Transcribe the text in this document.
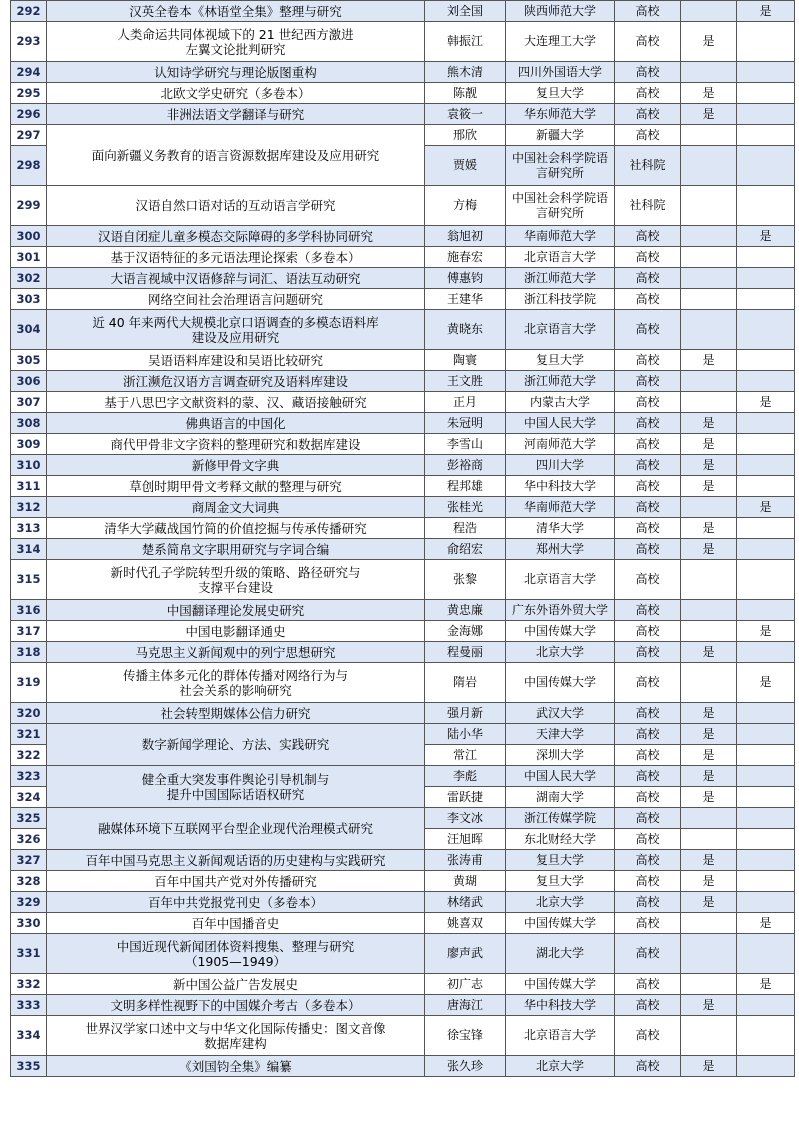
292	汉英全卷本《林语堂全集》整理与研究	刘全国	陕西师范大学	高校		是
293	人类命运共同体视域下的 21 世纪西方激进
左翼文论批判研究	韩振江	大连理工大学	高校	是	
294	认知诗学研究与理论版图重构	熊木清	四川外国语大学	高校		
295	北欧文学史研究（多卷本）	陈靓	复旦大学	高校	是	
296	非洲法语文学翻译与研究	袁筱一	华东师范大学	高校	是	
297	面向新疆义务教育的语言资源数据库建设及应用研究	邢欣	新疆大学	高校		
298		贾媛	中国社会科学院语
言研究所	社科院		
299	汉语自然口语对话的互动语言学研究	方梅	中国社会科学院语
言研究所	社科院		
300	汉语自闭症儿童多模态交际障碍的多学科协同研究	翁旭初	华南师范大学	高校		是
301	基于汉语特征的多元语法理论探索（多卷本）	施春宏	北京语言大学	高校		
302	大语言视域中汉语修辞与词汇、语法互动研究	傅惠钧	浙江师范大学	高校		
303	网络空间社会治理语言问题研究	王建华	浙江科技学院	高校		
304	近 40 年来两代大规模北京口语调查的多模态语料库
建设及应用研究	黄晓东	北京语言大学	高校		
305	吴语语料库建设和吴语比较研究	陶寰	复旦大学	高校	是	
306	浙江濒危汉语方言调查研究及语料库建设	王文胜	浙江师范大学	高校		
307	基于八思巴字文献资料的蒙、汉、藏语接触研究	正月	内蒙古大学	高校		是
308	佛典语言的中国化	朱冠明	中国人民大学	高校	是	
309	商代甲骨非文字资料的整理研究和数据库建设	李雪山	河南师范大学	高校	是	
310	新修甲骨文字典	彭裕商	四川大学	高校	是	
311	草创时期甲骨文考释文献的整理与研究	程邦雄	华中科技大学	高校	是	
312	商周金文大词典	张桂光	华南师范大学	高校		是
313	清华大学藏战国竹简的价值挖掘与传承传播研究	程浩	清华大学	高校	是	
314	楚系简帛文字职用研究与字词合编	俞绍宏	郑州大学	高校	是	
315	新时代孔子学院转型升级的策略、路径研究与
支撑平台建设	张黎	北京语言大学	高校		
316	中国翻译理论发展史研究	黄忠廉	广东外语外贸大学	高校		
317	中国电影翻译通史	金海娜	中国传媒大学	高校		是
318	马克思主义新闻观中的列宁思想研究	程曼丽	北京大学	高校	是	
319	传播主体多元化的群体传播对网络行为与
社会关系的影响研究	隋岩	中国传媒大学	高校		是
320	社会转型期媒体公信力研究	强月新	武汉大学	高校	是	
321	数字新闻学理论、方法、实践研究	陆小华	天津大学	高校	是	
322		常江	深圳大学	高校	是	
323	健全重大突发事件舆论引导机制与
提升中国国际话语权研究	李彪	中国人民大学	高校	是	
324		雷跃捷	湖南大学	高校	是	
325	融媒体环境下互联网平台型企业现代治理模式研究	李文冰	浙江传媒学院	高校		
326		汪旭晖	东北财经大学	高校		
327	百年中国马克思主义新闻观话语的历史建构与实践研究	张涛甫	复旦大学	高校	是	
328	百年中国共产党对外传播研究	黄瑚	复旦大学	高校	是	
329	百年中共党报党刊史（多卷本）	林绪武	北京大学	高校	是	
330	百年中国播音史	姚喜双	中国传媒大学	高校		是
331	中国近现代新闻团体资料搜集、整理与研究
（1905—1949）	廖声武	湖北大学	高校		
332	新中国公益广告发展史	初广志	中国传媒大学	高校		是
333	文明多样性视野下的中国媒介考古（多卷本）	唐海江	华中科技大学	高校	是	
334	世界汉学家口述中文与中华文化国际传播史：图文音像
数据库建构	徐宝锋	北京语言大学	高校		
335	《刘国钧全集》编纂	张久珍	北京大学	高校	是	
